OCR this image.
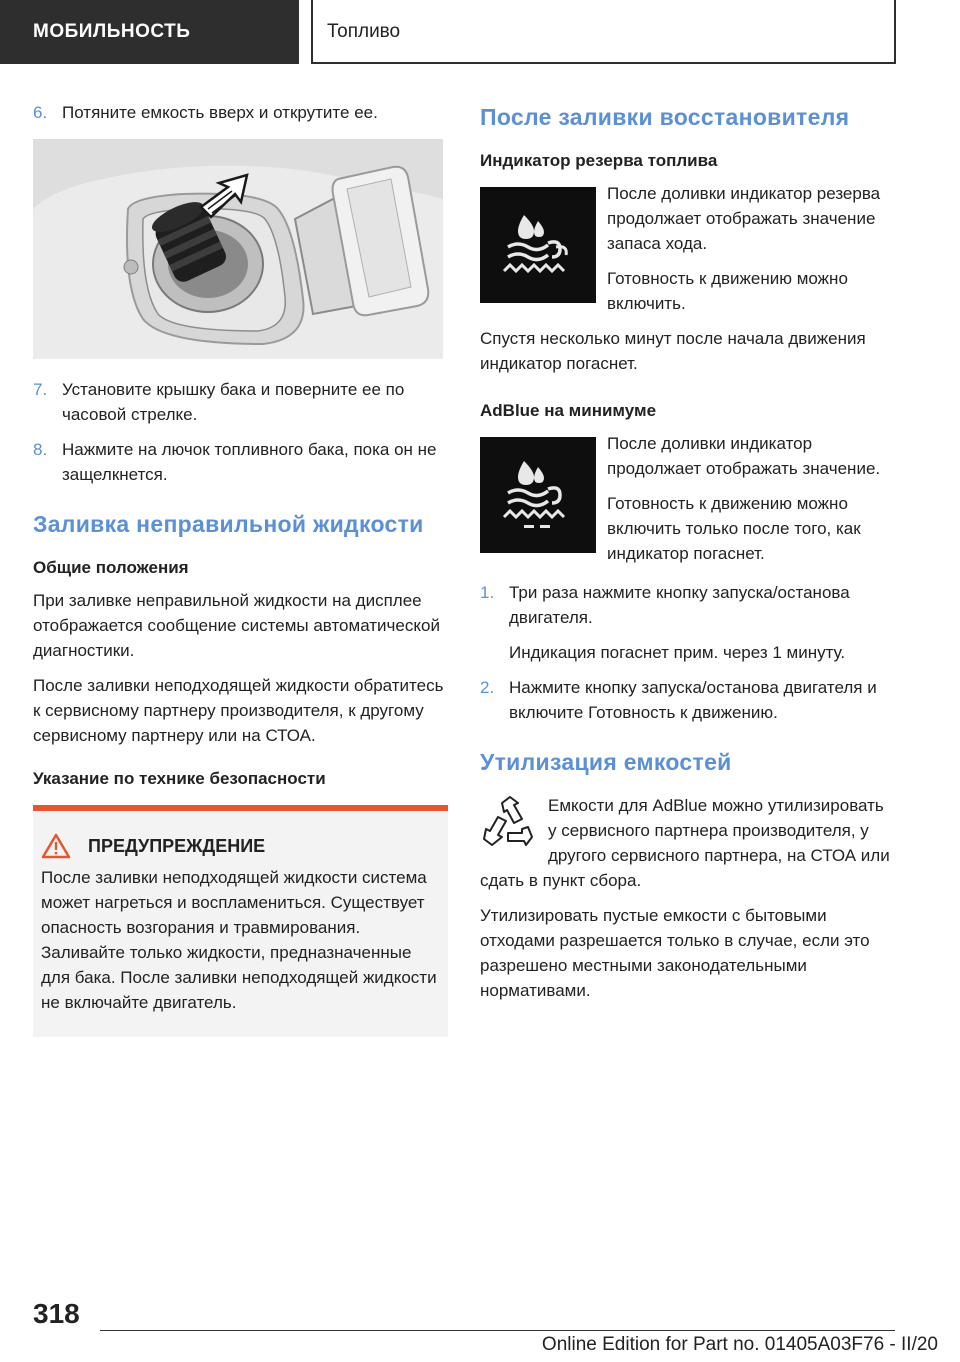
МОБИЛЬНОСТЬ	Топливо
6. Потяните емкость вверх и открутите ее.
7. Установите крышку бака и поверните ее по часовой стрелке.
8. Нажмите на лючок топливного бака, пока он не защелкнется.
Заливка неправильной жидкости
Общие положения

При заливке неправильной жидкости на дисплее отображается сообщение системы автоматической диагностики.

После заливки неподходящей жидкости обратитесь к сервисному партнеру производителя, к другому сервисному партнеру или на СТОА.

Указание по технике безопасности
ПРЕДУПРЕЖДЕНИЕ

После заливки неподходящей жидкости система может нагреться и воспламениться. Существует опасность возгорания и травмирования. Заливайте только жидкости, предназначенные для бака. После заливки неподходящей жидкости не включайте двигатель.

После заливки восстановителя
Индикатор резерва топлива

После доливки индикатор резерва продолжает отображать значение запаса хода.

Готовность к движению можно включить.

Спустя несколько минут после начала движения индикатор погаснет.

AdBlue на минимуме

После доливки индикатор продолжает отображать значение.

Готовность к движению можно включить только после того, как индикатор погаснет.

1. Три раза нажмите кнопку запуска/останова двигателя.

Индикация погаснет прим. через 1 минуту.

2. Нажмите кнопку запуска/останова двигателя и включите Готовность к движению.
Утилизация емкостей

Емкости для AdBlue можно утилизировать у сервисного партнера производителя, у другого сервисного партнера, на СТОА или сдать в пункт сбора.

Утилизировать пустые емкости с бытовыми отходами разрешается только в случае, если это разрешено местными законодательными нормативами.

318
Online Edition for Part no. 01405A03F76 - II/20
